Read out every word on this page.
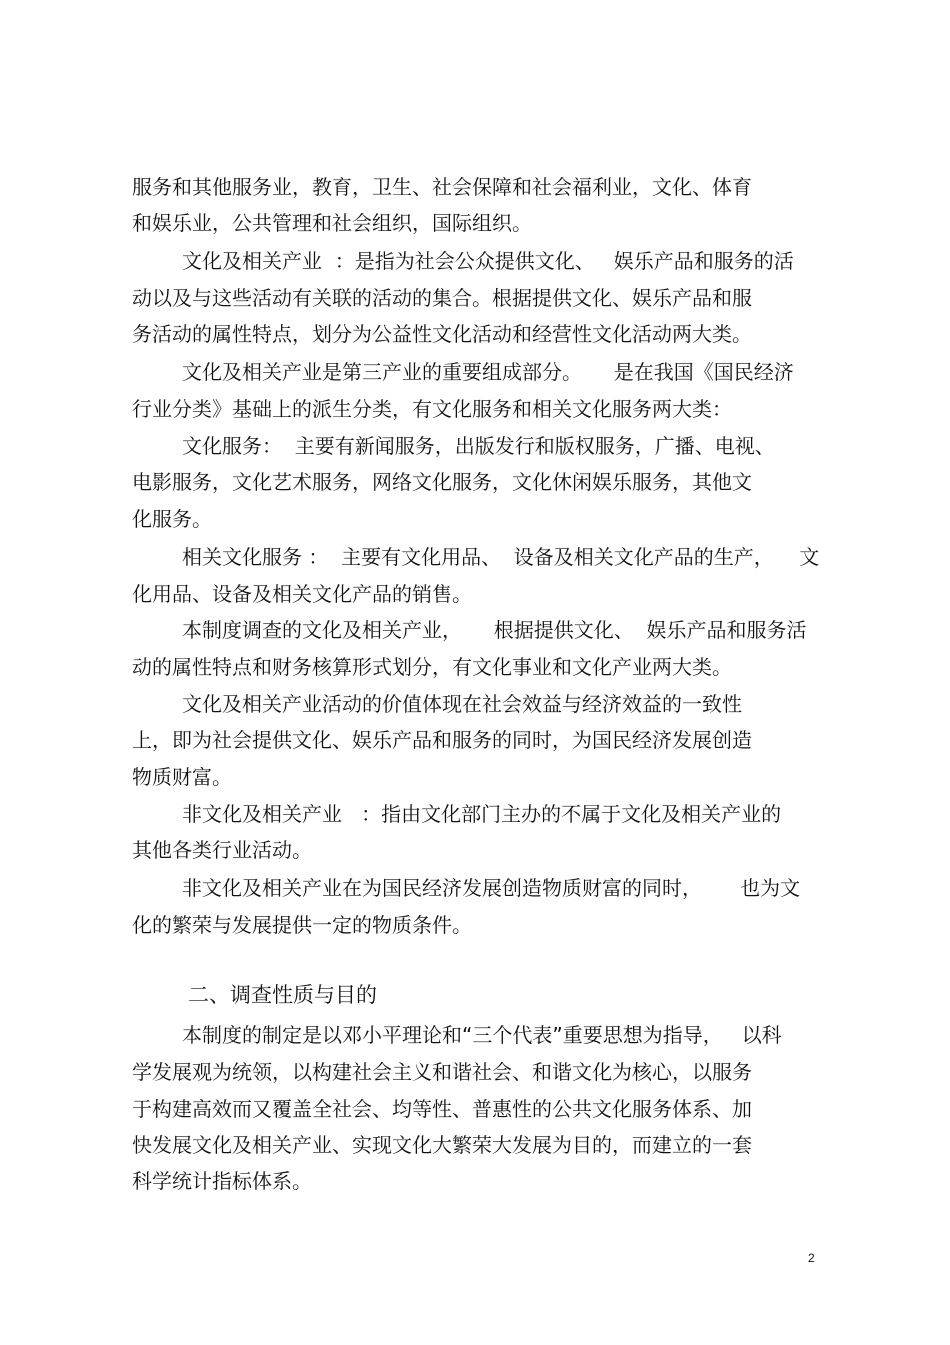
服务和其他服务业，教育，卫生、社会保障和社会福利业，文化、体育

和娱乐业，公共管理和社会组织，国际组织。

文化及相关产业  ：是指为社会公众提供文化、   娱乐产品和服务的活

动以及与这些活动有关联的活动的集合。根据提供文化、娱乐产品和服

务活动的属性特点，划分为公益性文化活动和经营性文化活动两大类。

文化及相关产业是第三产业的重要组成部分。     是在我国《国民经济

行业分类》基础上的派生分类，有文化服务和相关文化服务两大类：

文化服务：  主要有新闻服务，出版发行和版权服务，广播、电视、

电影服务，文化艺术服务，网络文化服务，文化休闲娱乐服务，其他文

化服务。

相关文化服务 ：  主要有文化用品、  设备及相关文化产品的生产，    文

化用品、设备及相关文化产品的销售。

本制度调查的文化及相关产业，     根据提供文化、  娱乐产品和服务活

动的属性特点和财务核算形式划分，有文化事业和文化产业两大类。

文化及相关产业活动的价值体现在社会效益与经济效益的一致性

上，即为社会提供文化、娱乐产品和服务的同时，为国民经济发展创造

物质财富。

非文化及相关产业   ：指由文化部门主办的不属于文化及相关产业的

其他各类行业活动。

非文化及相关产业在为国民经济发展创造物质财富的同时，      也为文

化的繁荣与发展提供一定的物质条件。

二、调查性质与目的

本制度的制定是以邓小平理论和“三个代表”重要思想为指导，   以科

学发展观为统领，以构建社会主义和谐社会、和谐文化为核心，以服务

于构建高效而又覆盖全社会、均等性、普惠性的公共文化服务体系、加

快发展文化及相关产业、实现文化大繁荣大发展为目的，而建立的一套

科学统计指标体系。

2
